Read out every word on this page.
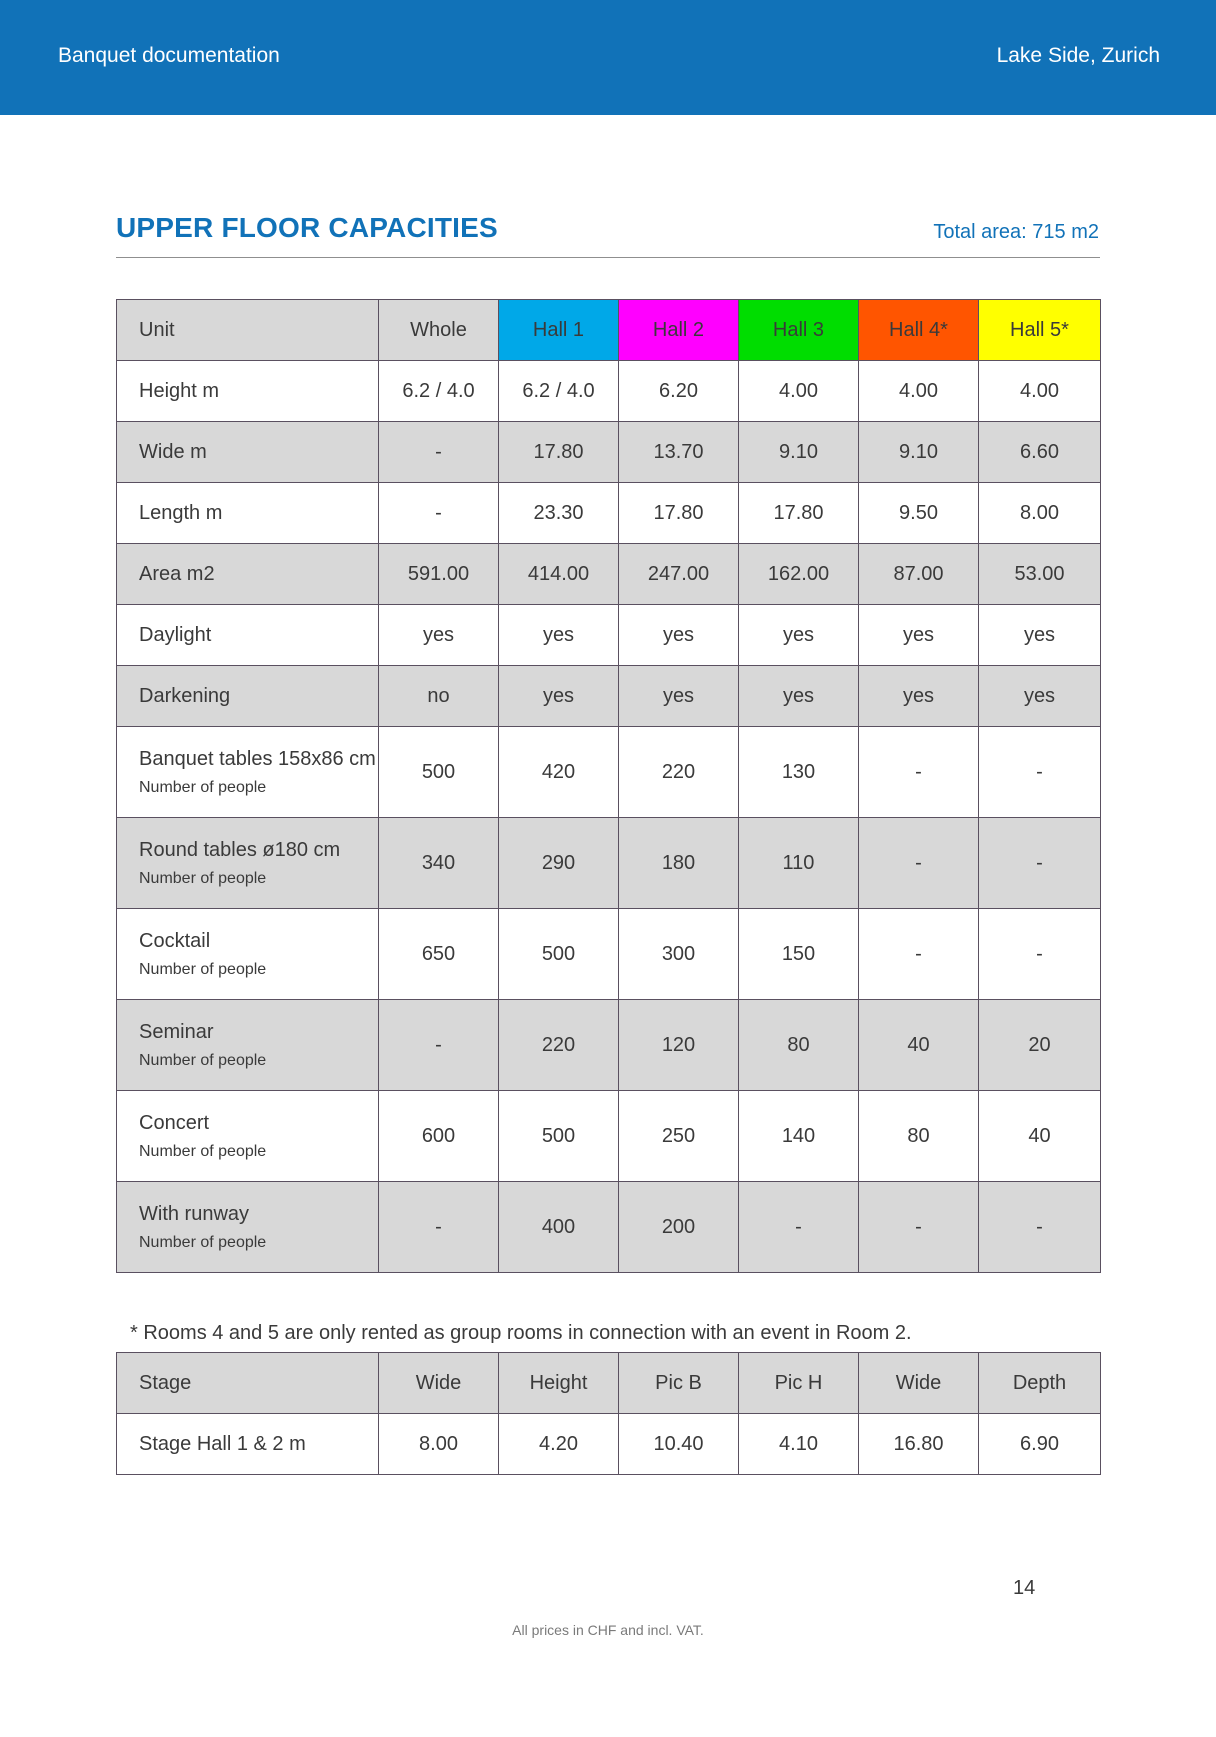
Banquet documentation	Lake Side, Zurich
UPPER FLOOR CAPACITIES	Total area: 715 m2
Unit	Whole	Hall 1	Hall 2	Hall 3	Hall 4*	Hall 5*
Height m	6.2 / 4.0	6.2 / 4.0	6.20	4.00	4.00	4.00
Wide m	-	17.80	13.70	9.10	9.10	6.60
Length m	-	23.30	17.80	17.80	9.50	8.00
Area m2	591.00	414.00	247.00	162.00	87.00	53.00
Daylight	yes	yes	yes	yes	yes	yes
Darkening	no	yes	yes	yes	yes	yes
Banquet tables 158x86 cm
Number of people	500	420	220	130	-	-
Round tables ø180 cm
Number of people	340	290	180	110	-	-
Cocktail
Number of people	650	500	300	150	-	-
Seminar
Number of people	-	220	120	80	40	20
Concert
Number of people	600	500	250	140	80	40
With runway
Number of people	-	400	200	-	-	-
* Rooms 4 and 5 are only rented as group rooms in connection with an event in Room 2.
Stage	Wide	Height	Pic B	Pic H	Wide	Depth
Stage Hall 1 & 2 m	8.00	4.20	10.40	4.10	16.80	6.90
14
All prices in CHF and incl. VAT.
